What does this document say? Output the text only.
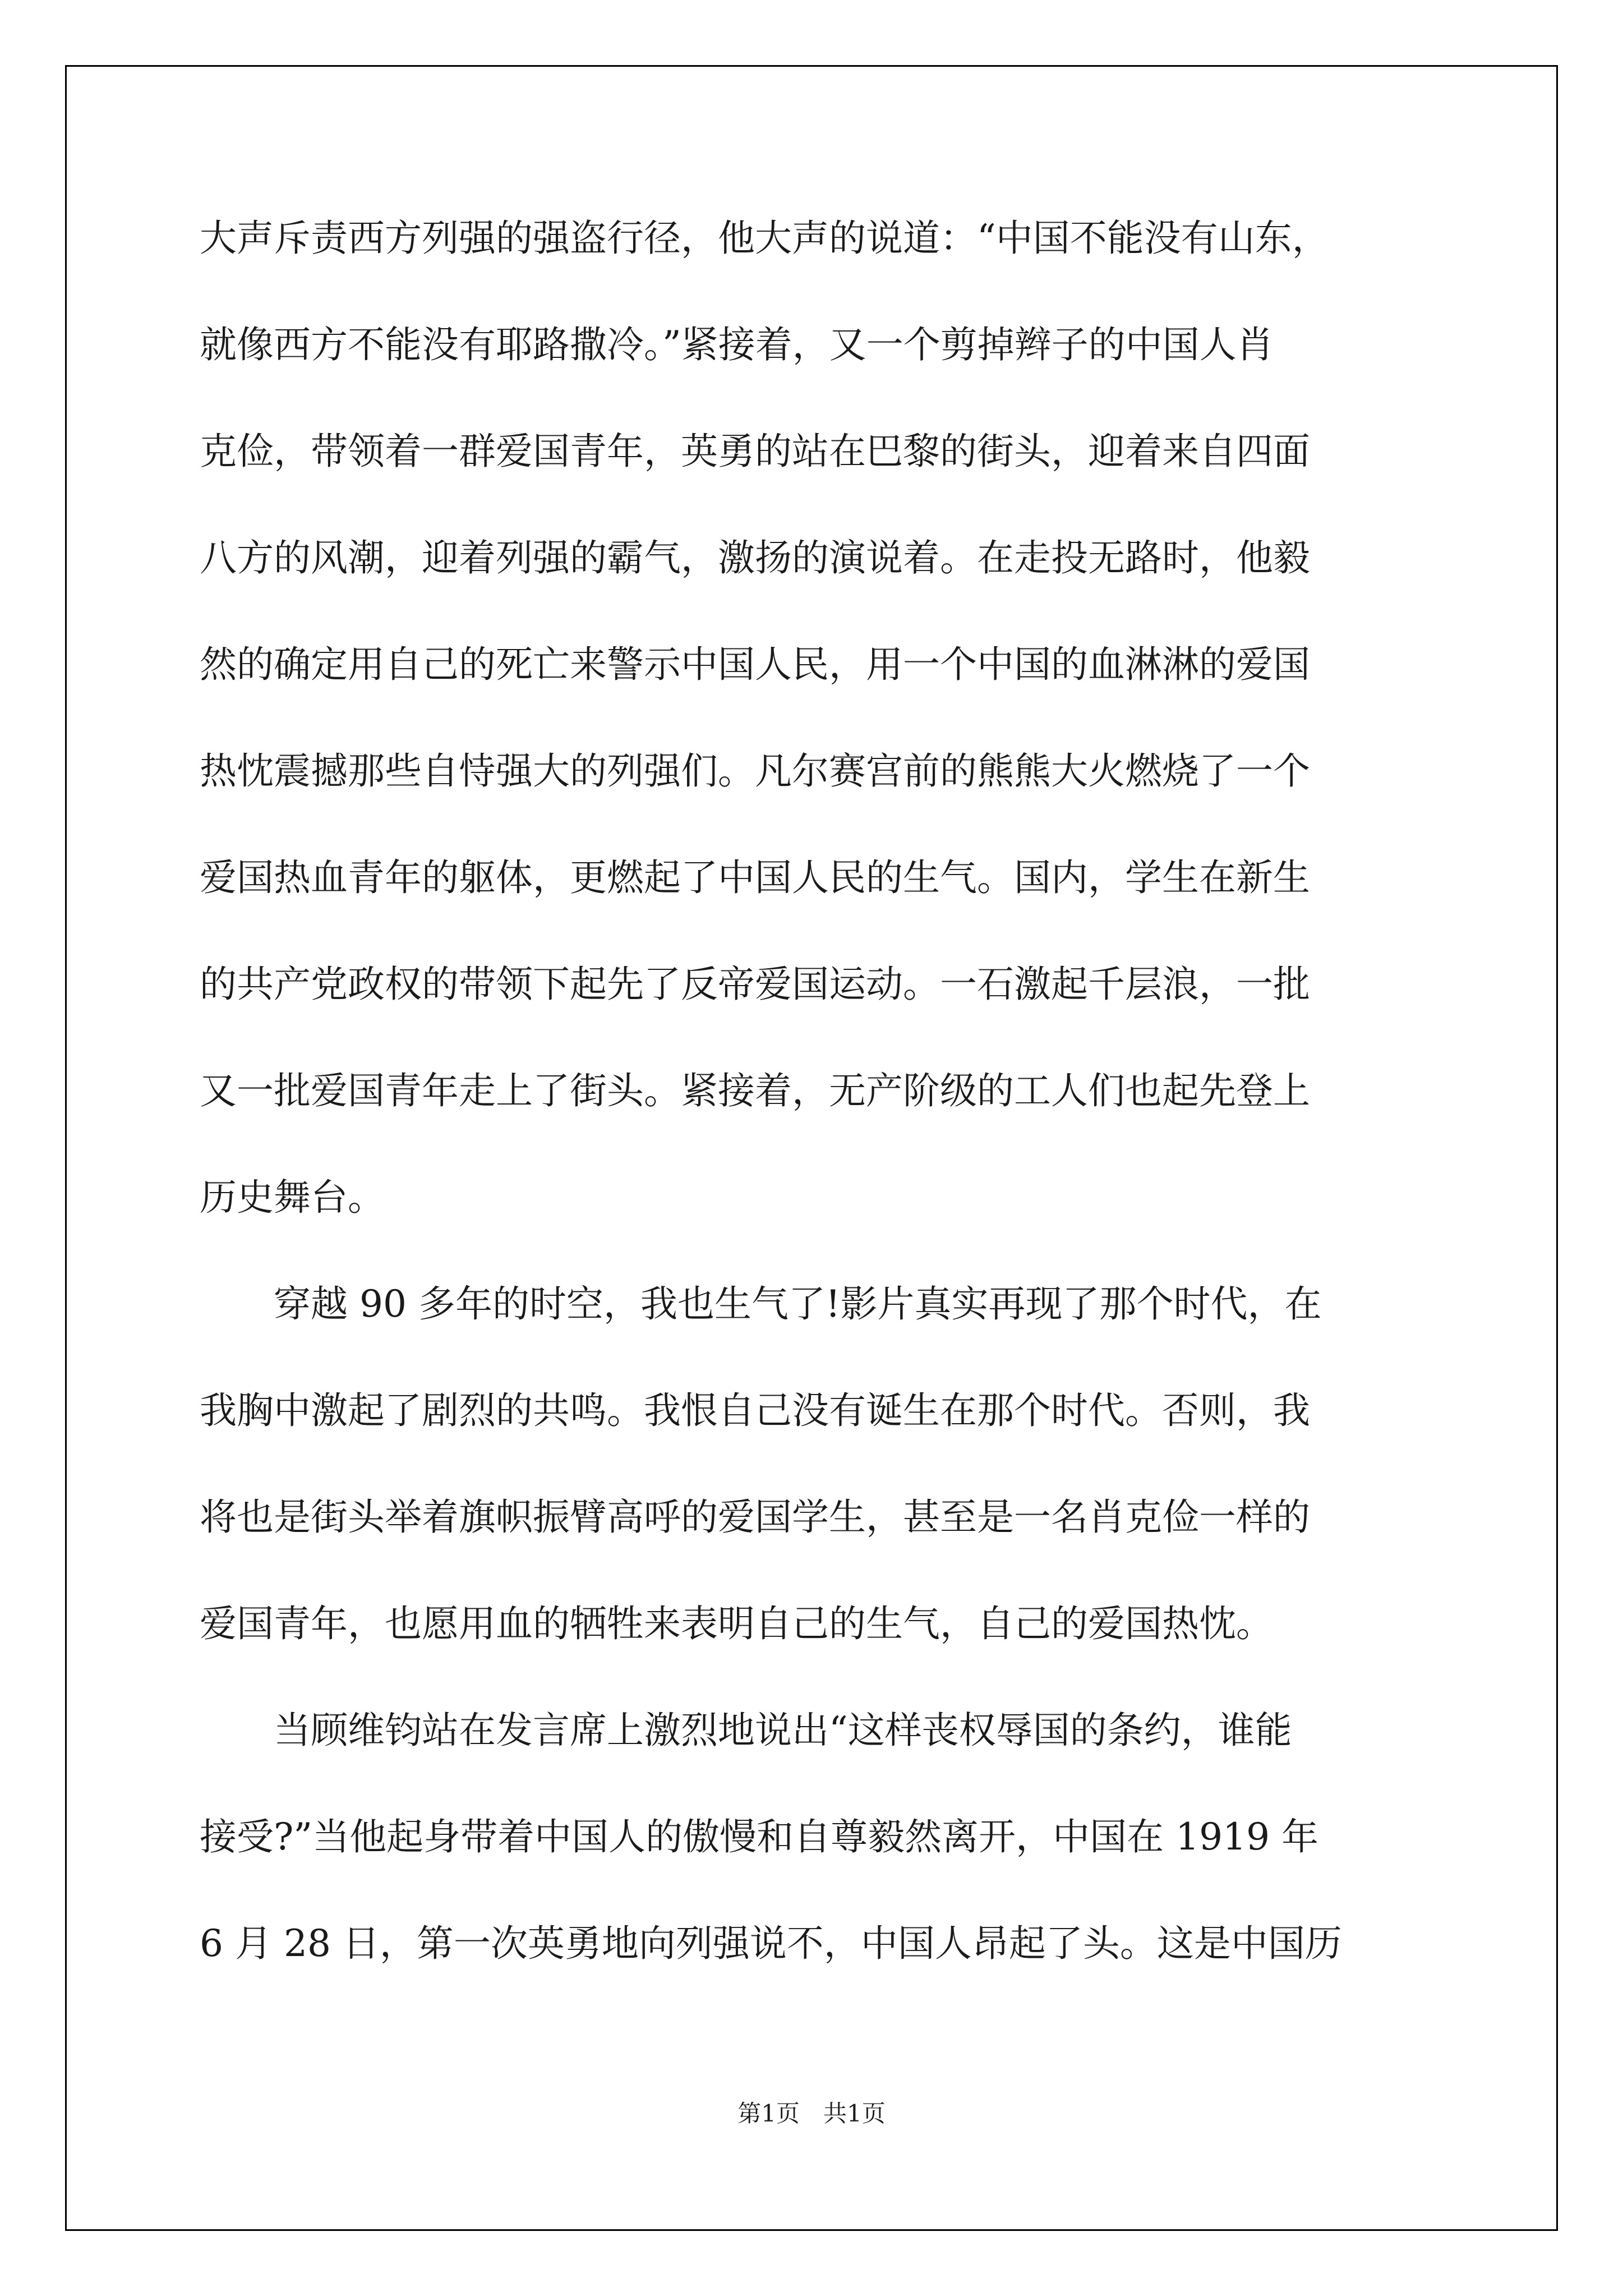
大声斥责西方列强的强盗行径，他大声的说道：“中国不能没有山东，
就像西方不能没有耶路撒冷。”紧接着，又一个剪掉辫子的中国人肖
克俭，带领着一群爱国青年，英勇的站在巴黎的街头，迎着来自四面
八方的风潮，迎着列强的霸气，激扬的演说着。在走投无路时，他毅
然的确定用自己的死亡来警示中国人民，用一个中国的血淋淋的爱国
热忱震撼那些自恃强大的列强们。凡尔赛宫前的熊熊大火燃烧了一个
爱国热血青年的躯体，更燃起了中国人民的生气。国内，学生在新生
的共产党政权的带领下起先了反帝爱国运动。一石激起千层浪，一批
又一批爱国青年走上了街头。紧接着，无产阶级的工人们也起先登上
历史舞台。
　　穿越 90 多年的时空，我也生气了!影片真实再现了那个时代，在
我胸中激起了剧烈的共鸣。我恨自己没有诞生在那个时代。否则，我
将也是街头举着旗帜振臂高呼的爱国学生，甚至是一名肖克俭一样的
爱国青年，也愿用血的牺牲来表明自己的生气，自己的爱国热忱。
　　当顾维钧站在发言席上激烈地说出“这样丧权辱国的条约，谁能
接受?”当他起身带着中国人的傲慢和自尊毅然离开，中国在 1919 年
6 月 28 日，第一次英勇地向列强说不，中国人昂起了头。这是中国历
第1页　共1页
